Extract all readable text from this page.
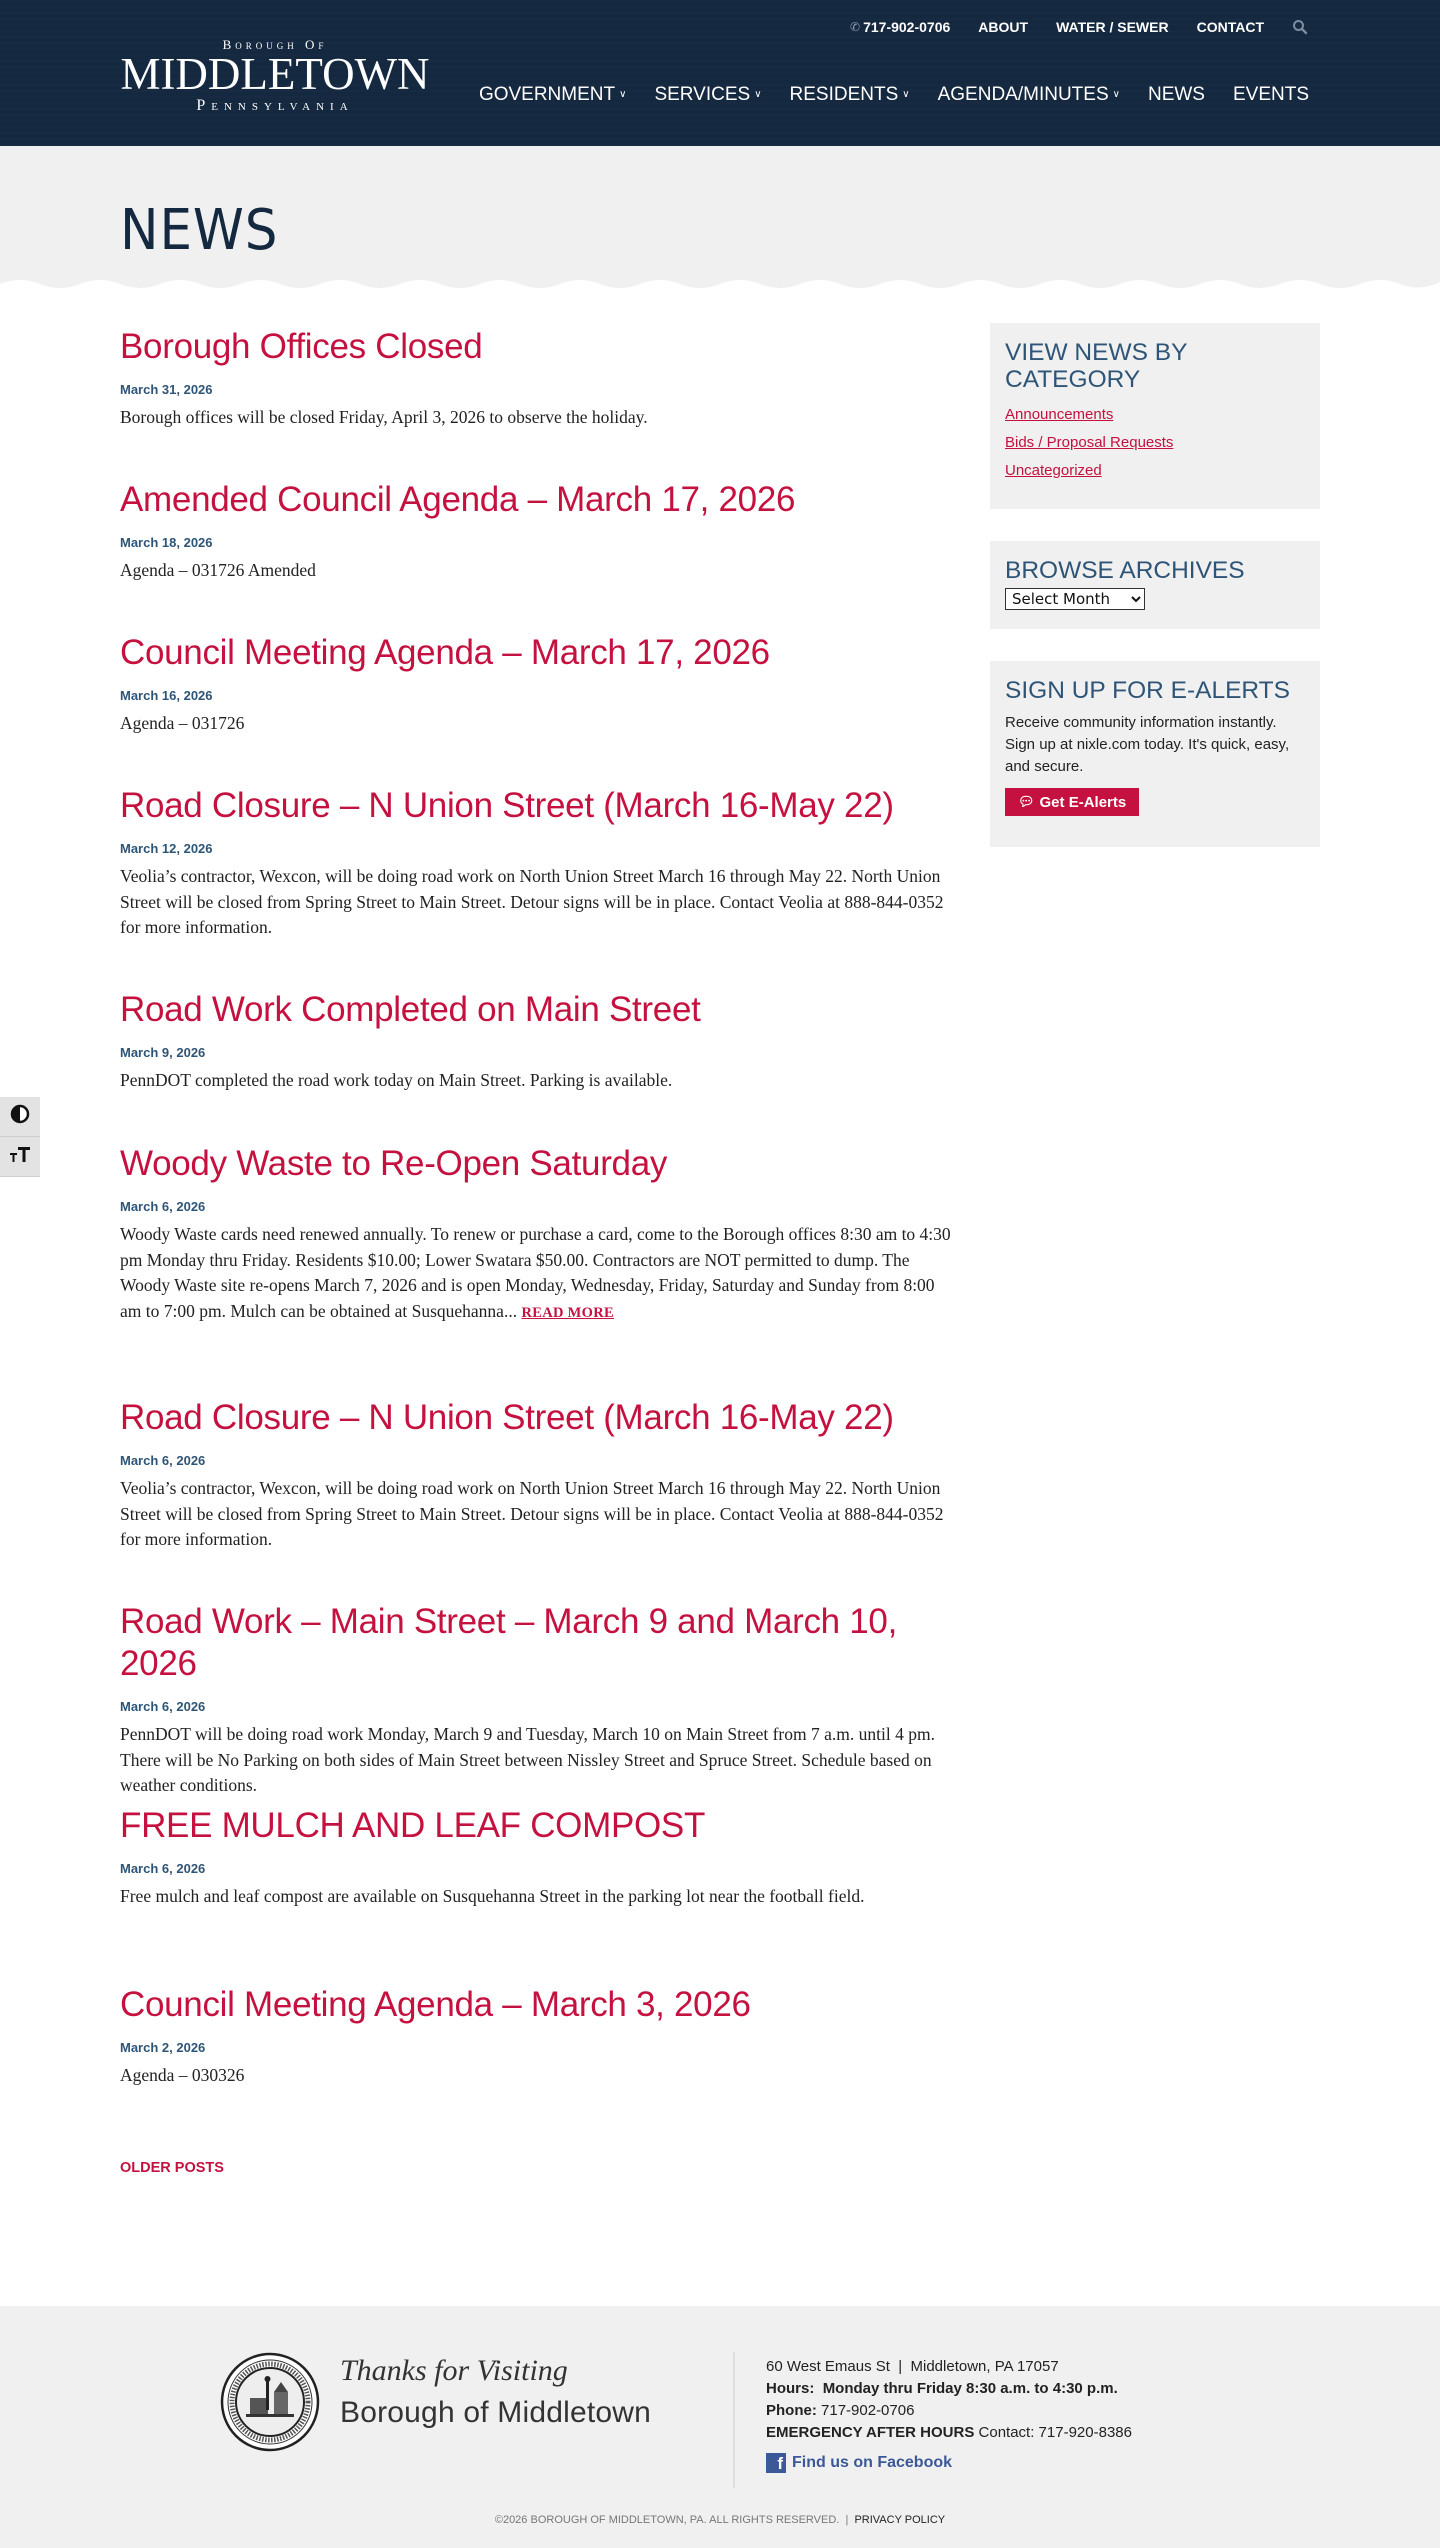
Borough Of
MIDDLETOWN
Pennsylvania
✆ 717-902-0706 ABOUT WATER / SEWER CONTACT
GOVERNMENT ∨ SERVICES ∨ RESIDENTS ∨ AGENDA/MINUTES ∨ NEWS EVENTS
NEWS
Borough Offices Closed
March 31, 2026

Borough offices will be closed Friday, April 3, 2026 to observe the holiday.

Amended Council Agenda – March 17, 2026
March 18, 2026

Agenda – 031726 Amended

Council Meeting Agenda – March 17, 2026
March 16, 2026

Agenda – 031726

Road Closure – N Union Street (March 16-May 22)
March 12, 2026

Veolia’s contractor, Wexcon, will be doing road work on North Union Street March 16 through May 22. North Union Street will be closed from Spring Street to Main Street. Detour signs will be in place. Contact Veolia at 888-844-0352 for more information.

Road Work Completed on Main Street
March 9, 2026

PennDOT completed the road work today on Main Street. Parking is available.

Woody Waste to Re-Open Saturday
March 6, 2026

Woody Waste cards need renewed annually. To renew or purchase a card, come to the Borough offices 8:30 am to 4:30 pm Monday thru Friday. Residents $10.00; Lower Swatara $50.00. Contractors are NOT permitted to dump. The Woody Waste site re-opens March 7, 2026 and is open Monday, Wednesday, Friday, Saturday and Sunday from 8:00 am to 7:00 pm. Mulch can be obtained at Susquehanna... READ MORE

Road Closure – N Union Street (March 16-May 22)
March 6, 2026

Veolia’s contractor, Wexcon, will be doing road work on North Union Street March 16 through May 22. North Union Street will be closed from Spring Street to Main Street. Detour signs will be in place. Contact Veolia at 888-844-0352 for more information.

Road Work – Main Street – March 9 and March 10, 2026
March 6, 2026

PennDOT will be doing road work Monday, March 9 and Tuesday, March 10 on Main Street from 7 a.m. until 4 pm. There will be No Parking on both sides of Main Street between Nissley Street and Spruce Street. Schedule based on weather conditions.

FREE MULCH AND LEAF COMPOST
March 6, 2026

Free mulch and leaf compost are available on Susquehanna Street in the parking lot near the football field.

Council Meeting Agenda – March 3, 2026
March 2, 2026

Agenda – 030326

OLDER POSTS
VIEW NEWS BY CATEGORY
Announcements
Bids / Proposal Requests
Uncategorized
BROWSE ARCHIVES
Select Month
SIGN UP FOR E-ALERTS

Receive community information instantly. Sign up at nixle.com today. It's quick, easy, and secure.

💬︎ Get E-Alerts
Thanks for Visiting
Borough of Middletown
60 West Emaus St  |  Middletown, PA 17057
Hours: Monday thru Friday 8:30 a.m. to 4:30 p.m.
Phone: 717-902-0706
EMERGENCY AFTER HOURS Contact: 717-920-8386
f Find us on Facebook
©2026 BOROUGH OF MIDDLETOWN, PA. ALL RIGHTS RESERVED.  |  PRIVACY POLICY
